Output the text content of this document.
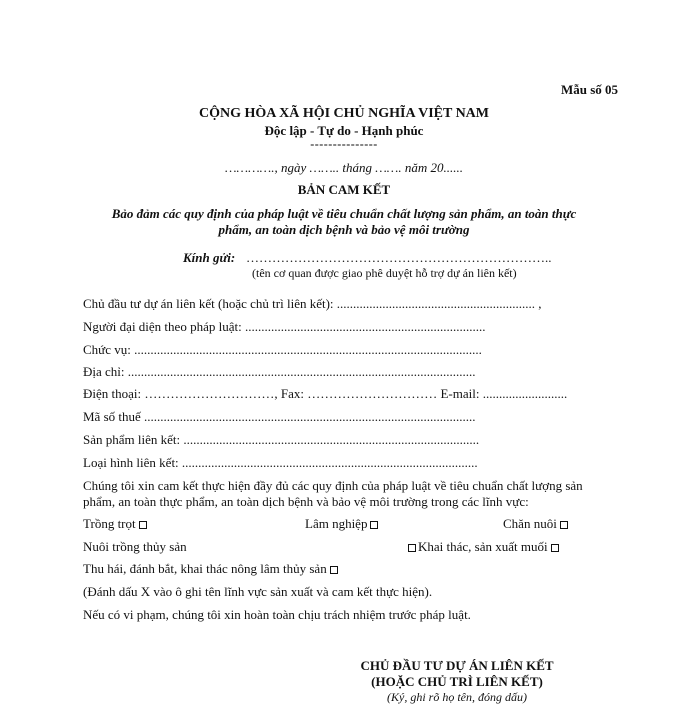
Mẫu số 05
CỘNG HÒA XÃ HỘI CHỦ NGHĨA VIỆT NAM
Độc lập - Tự do - Hạnh phúc
---------------
…………., ngày …….. tháng ……. năm 20......
BẢN CAM KẾT
Bảo đảm các quy định của pháp luật về tiêu chuẩn chất lượng sản phẩm, an toàn thực
phẩm, an toàn dịch bệnh và bảo vệ môi trường
Kính gửi: ……………………………………………………………..
(tên cơ quan được giao phê duyệt hỗ trợ dự án liên kết)
Chủ đầu tư dự án liên kết (hoặc chủ trì liên kết): ............................................................. ,
Người đại diện theo pháp luật: ..........................................................................
Chức vụ: ...........................................................................................................
Địa chỉ: ...........................................................................................................
Điện thoại: …………………………, Fax: ………………………… E-mail: ..........................
Mã số thuế ......................................................................................................
Sản phẩm liên kết: ...........................................................................................
Loại hình liên kết: ...........................................................................................
Chúng tôi xin cam kết thực hiện đầy đủ các quy định của pháp luật về tiêu chuẩn chất lượng sản
phẩm, an toàn thực phẩm, an toàn dịch bệnh và bảo vệ môi trường trong các lĩnh vực:
Trồng trọt	Lâm nghiệp	Chăn nuôi
Nuôi trồng thủy sản	Khai thác, sản xuất muối
Thu hái, đánh bắt, khai thác nông lâm thủy sản
(Đánh dấu X vào ô ghi tên lĩnh vực sản xuất và cam kết thực hiện).
Nếu có vi phạm, chúng tôi xin hoàn toàn chịu trách nhiệm trước pháp luật.
CHỦ ĐẦU TƯ DỰ ÁN LIÊN KẾT
(HOẶC CHỦ TRÌ LIÊN KẾT)
(Ký, ghi rõ họ tên, đóng dấu)
